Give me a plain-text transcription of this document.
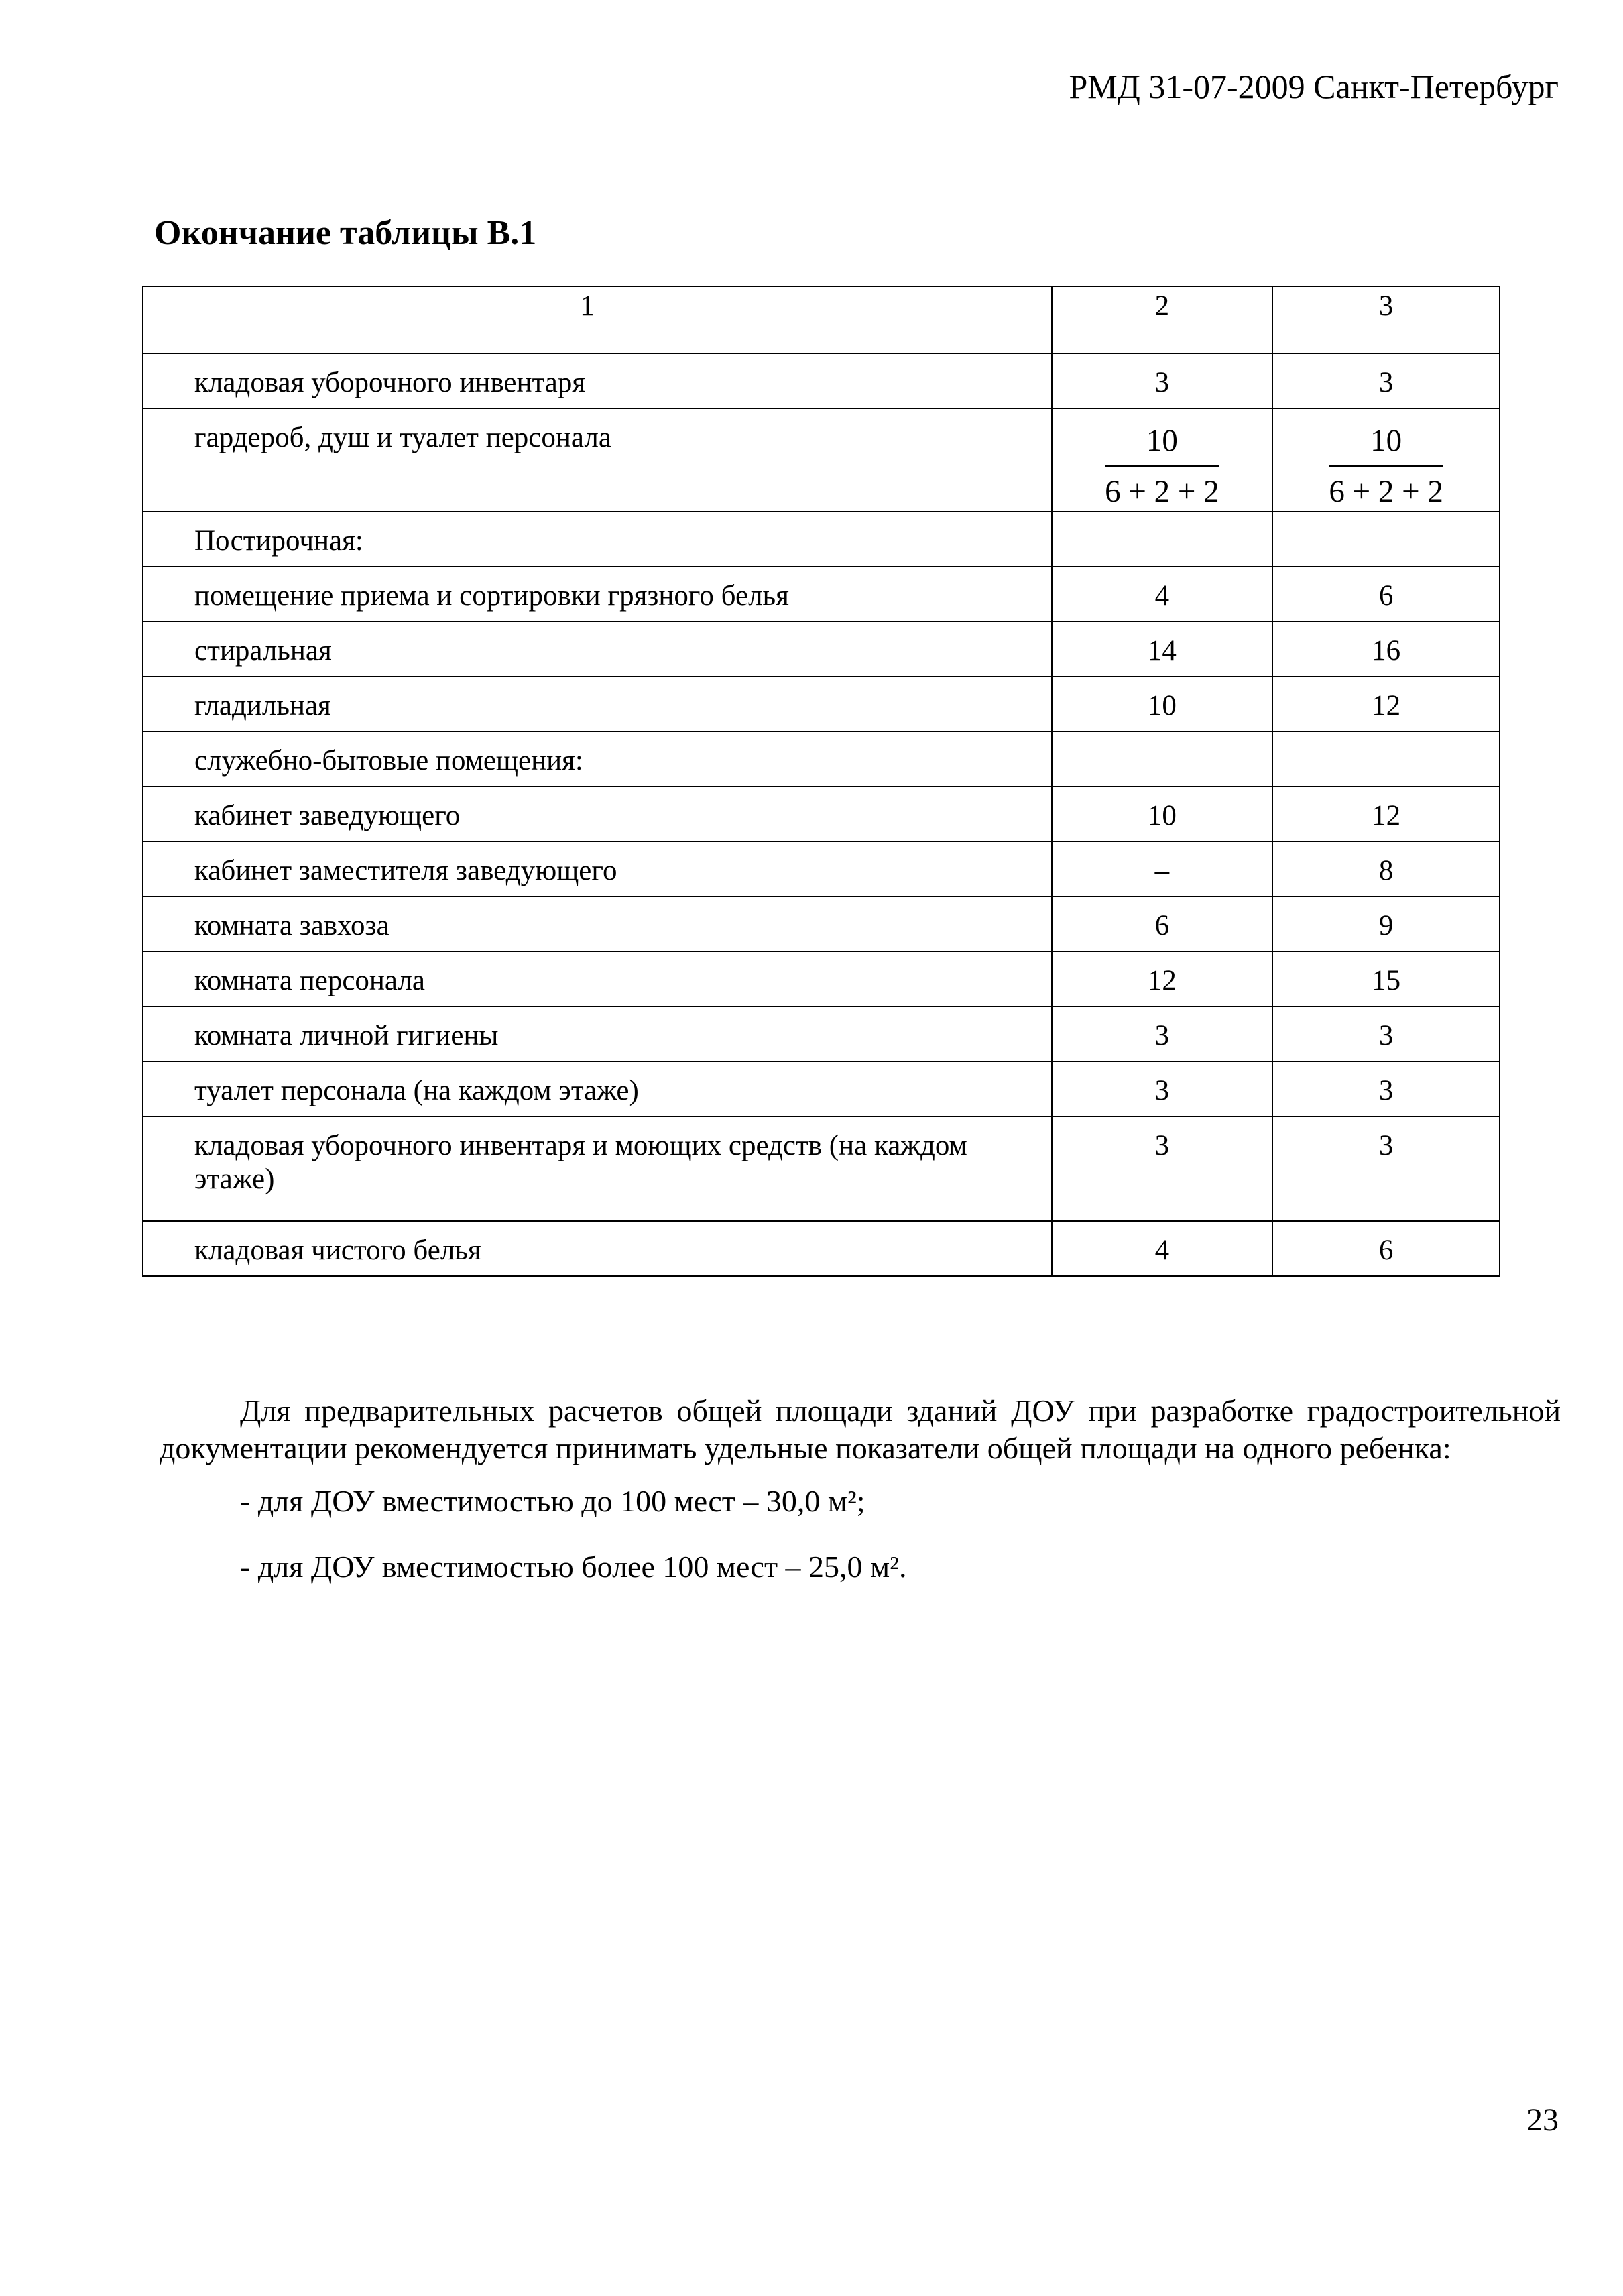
РМД 31-07-2009 Санкт-Петербург
Окончание таблицы В.1
1	2	3
кладовая уборочного инвентаря	3	3
гардероб, душ и туалет персонала	$\frac{10}{6 + 2 + 2}$	$\frac{10}{6 + 2 + 2}$

Постирочная:		
помещение приема и сортировки грязного белья	4	6
стиральная	14	16
гладильная	10	12
служебно-бытовые помещения:		
кабинет заведующего	10	12
кабинет заместителя заведующего	–	8
комната завхоза	6	9
комната персонала	12	15
комната личной гигиены	3	3
туалет персонала (на каждом этаже)	3	3
кладовая уборочного инвентаря и моющих средств (на каждом этаже)	3	3
кладовая чистого белья	4	6
Для предварительных расчетов общей площади зданий ДОУ при разработке градостроительной документации рекомендуется принимать удельные показатели общей площади на одного ребенка:
- для ДОУ вместимостью до 100 мест – 30,0 м²;
- для ДОУ вместимостью более 100 мест – 25,0 м².
23
